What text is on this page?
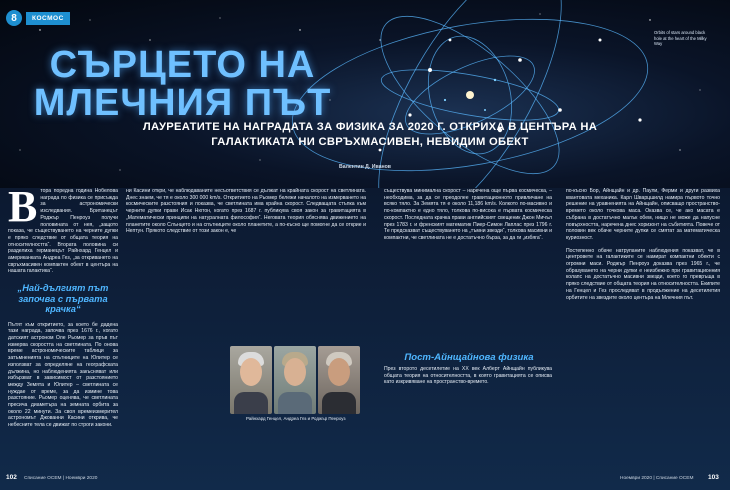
8	КОСМОС
СЪРЦЕТО НА
МЛЕЧНИЯ ПЪТ
Orbits of stars around black hole at the heart of the Milky Way
ЛАУРЕАТИТЕ НА НАГРАДАТА ЗА ФИЗИКА ЗА 2020 Г. ОТКРИХА В ЦЕНТЪРА НА ГАЛАКТИКАТА НИ СВРЪХМАСИВЕН, НЕВИДИМ ОБЕКТ
Валентин Д. Иванов
В тора поредна година Нобелова награда по физика се присъжда за астрономически изследвания. Британецът Роджър Пенроуз получи половината от нея, „защото показа, че съществуването на черните дупки е пряко следствие от общата теория на относителността“. Втората половина си разделиха германецът Райнхард Генцел и американката Андреа Гез, „за откриването на свръхмасивен компактен обект в центъра на нашата галактика“.
„Най-дългият път започва с първата крачка“
Пътят към откритието, за което бе дадена тази награда, започва през 1676 г., когато датският астроном Оле Рьомер за пръв път измерва скоростта на светлината. По онова време астрономическите таблици за затъмненията на спътниците на Юпитер се използват за определяне на географската дължина, но наблюденията закъсняват или избързват в зависимост от разстоянието между Земята и Юпитер – светлината се нуждае от време, за да измине това разстояние. Рьомер оценява, че светлината пресича диаметъра на земната орбита за около 22 минути. За своя времеизмерител астрономът Джованни Касини открива, че небесните тела се движат по строги закони.
ни Касини откри, че наблюдаваните несъответствия се дължат на крайната скорост на светлината. Днес знаем, че тя е около 300 000 km/s. Откритието на Рьомер бележи началото на измерването на космическите разстояния и показва, че светлината има крайна скорост. Следващата стъпка към черните дупки прави Исак Нютон, когато през 1687 г. публикува своя закон за гравитацията в „Математически принципи на натуралната философия“. Неговата теория обяснява движението на планетите около Слънцето и на спътниците около планетите, а по-късно ще помогне да се открие и Нептун. Прякото следствие от този закон е, че
Райнхард Генцел, Андреа Гез и Роджър Пенроуз
съществува минимална скорост – наречена още първа космическа, – необходима, за да се преодолее гравитационното привличане на всяко тяло. За Земята тя е около 11,186 km/s. Колкото по-масивно и по-компактно е едно тяло, толкова по-висока е първата космическа скорост. Последната крачка прави английският свещеник Джон Мичъл през 1783 г. и френският математик Пиер-Симон Лаплас през 1796 г. Те предсказват съществуването на „тъмни звезди“, толкова масивни и компактни, че светлината не е достатъчно бърза, за да ги „избяга“.
Пост-Айнщайнова физика
През второто десетилетие на XX век Алберт Айнщайн публикува общата теория на относителността, в която гравитацията се описва като изкривяване на пространство-времето.
по-късно Бор, Айнщайн и др. Паули, Ферми и други развиха квантовата механика. Карл Шварцшилд намира първото точно решение на уравненията на Айнщайн, описващо пространство-времето около точкова маса. Оказва се, че ако масата е събрана в достатъчно малък обем, нищо не може да напусне повърхността, наречена днес хоризонт на събитията. Повече от половин век обаче черните дупки се смятат за математическа куриозност.
Постепенно обаче натрупаните наблюдения показват, че в центровете на галактиките се намират компактни обекти с огромни маси. Роджър Пенроуз доказва през 1965 г., че образуването на черни дупки е неизбежно при гравитационния колапс на достатъчно масивни звезди, което го превръща в пряко следствие от общата теория на относителността. Екипите на Генцел и Гез проследяват в продължение на десетилетия орбитите на звездите около центъра на Млечния път.
102 Списание ОСЕМ | Ноември 2020	Ноември 2020 | Списание ОСЕМ 103
